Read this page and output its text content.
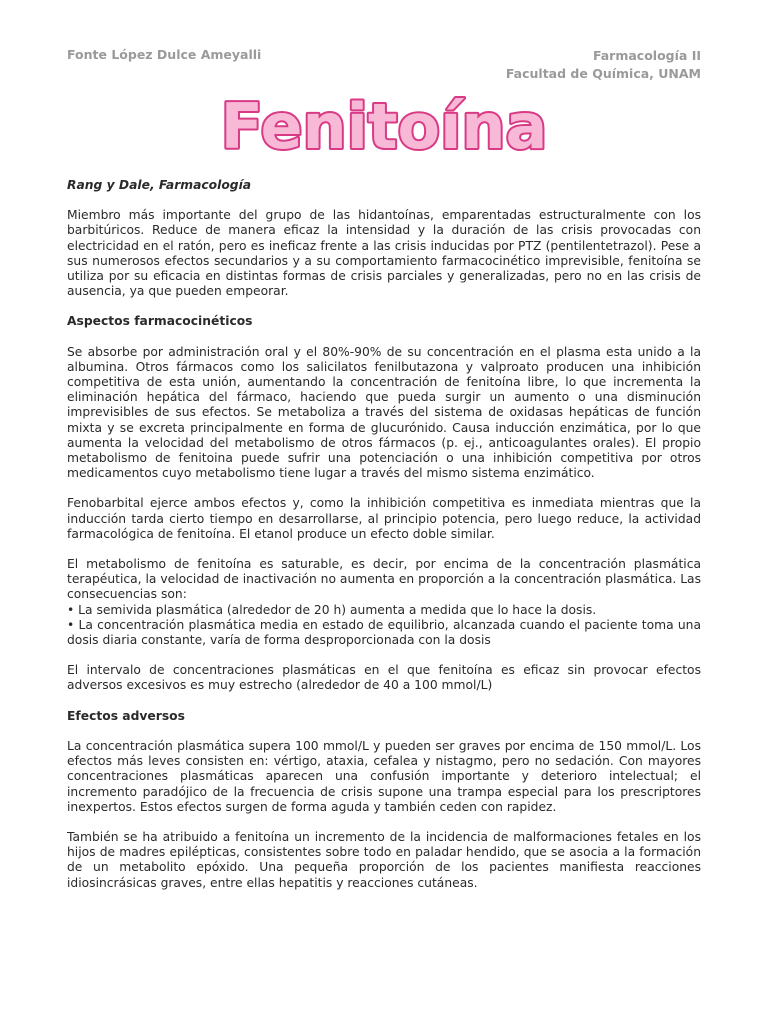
Fonte López Dulce Ameyalli	Farmacología II
Facultad de Química, UNAM
Fenitoína
Rang y Dale, Farmacología

Miembro más importante del grupo de las hidantoínas, emparentadas estructuralmente con los barbitúricos. Reduce de manera eficaz la intensidad y la duración de las crisis provocadas con electricidad en el ratón, pero es ineficaz frente a las crisis inducidas por PTZ (pentilentetrazol). Pese a sus numerosos efectos secundarios y a su comportamiento farmacocinético imprevisible, fenitoína se utiliza por su eficacia en distintas formas de crisis parciales y generalizadas, pero no en las crisis de ausencia, ya que pueden empeorar.

Aspectos farmacocinéticos

Se absorbe por administración oral y el 80%-90% de su concentración en el plasma esta unido a la albumina. Otros fármacos como los salicilatos fenilbutazona y valproato producen una inhibición competitiva de esta unión, aumentando la concentración de fenitoína libre, lo que incrementa la eliminación hepática del fármaco, haciendo que pueda surgir un aumento o una disminución imprevisibles de sus efectos. Se metaboliza a través del sistema de oxidasas hepáticas de función mixta y se excreta principalmente en forma de glucurónido. Causa inducción enzimática, por lo que aumenta la velocidad del metabolismo de otros fármacos (p. ej., anticoagulantes orales). El propio metabolismo de fenitoina puede sufrir una potenciación o una inhibición competitiva por otros medicamentos cuyo metabolismo tiene lugar a través del mismo sistema enzimático.

Fenobarbital ejerce ambos efectos y, como la inhibición competitiva es inmediata mientras que la inducción tarda cierto tiempo en desarrollarse, al principio potencia, pero luego reduce, la actividad farmacológica de fenitoína. El etanol produce un efecto doble similar.

El metabolismo de fenitoína es saturable, es decir, por encima de la concentración plasmática terapéutica, la velocidad de inactivación no aumenta en proporción a la concentración plasmática. Las consecuencias son:
• La semivida plasmática (alrededor de 20 h) aumenta a medida que lo hace la dosis.
• La concentración plasmática media en estado de equilibrio, alcanzada cuando el paciente toma una dosis diaria constante, varía de forma desproporcionada con la dosis

El intervalo de concentraciones plasmáticas en el que fenitoína es eficaz sin provocar efectos adversos excesivos es muy estrecho (alrededor de 40 a 100 mmol/L)

Efectos adversos

La concentración plasmática supera 100 mmol/L y pueden ser graves por encima de 150 mmol/L. Los efectos más leves consisten en: vértigo, ataxia, cefalea y nistagmo, pero no sedación. Con mayores concentraciones plasmáticas aparecen una confusión importante y deterioro intelectual; el incremento paradójico de la frecuencia de crisis supone una trampa especial para los prescriptores inexpertos. Estos efectos surgen de forma aguda y también ceden con rapidez.

También se ha atribuido a fenitoína un incremento de la incidencia de malformaciones fetales en los hijos de madres epilépticas, consistentes sobre todo en paladar hendido, que se asocia a la formación de un metabolito epóxido. Una pequeña proporción de los pacientes manifiesta reacciones idiosincrásicas graves, entre ellas hepatitis y reacciones cutáneas.
